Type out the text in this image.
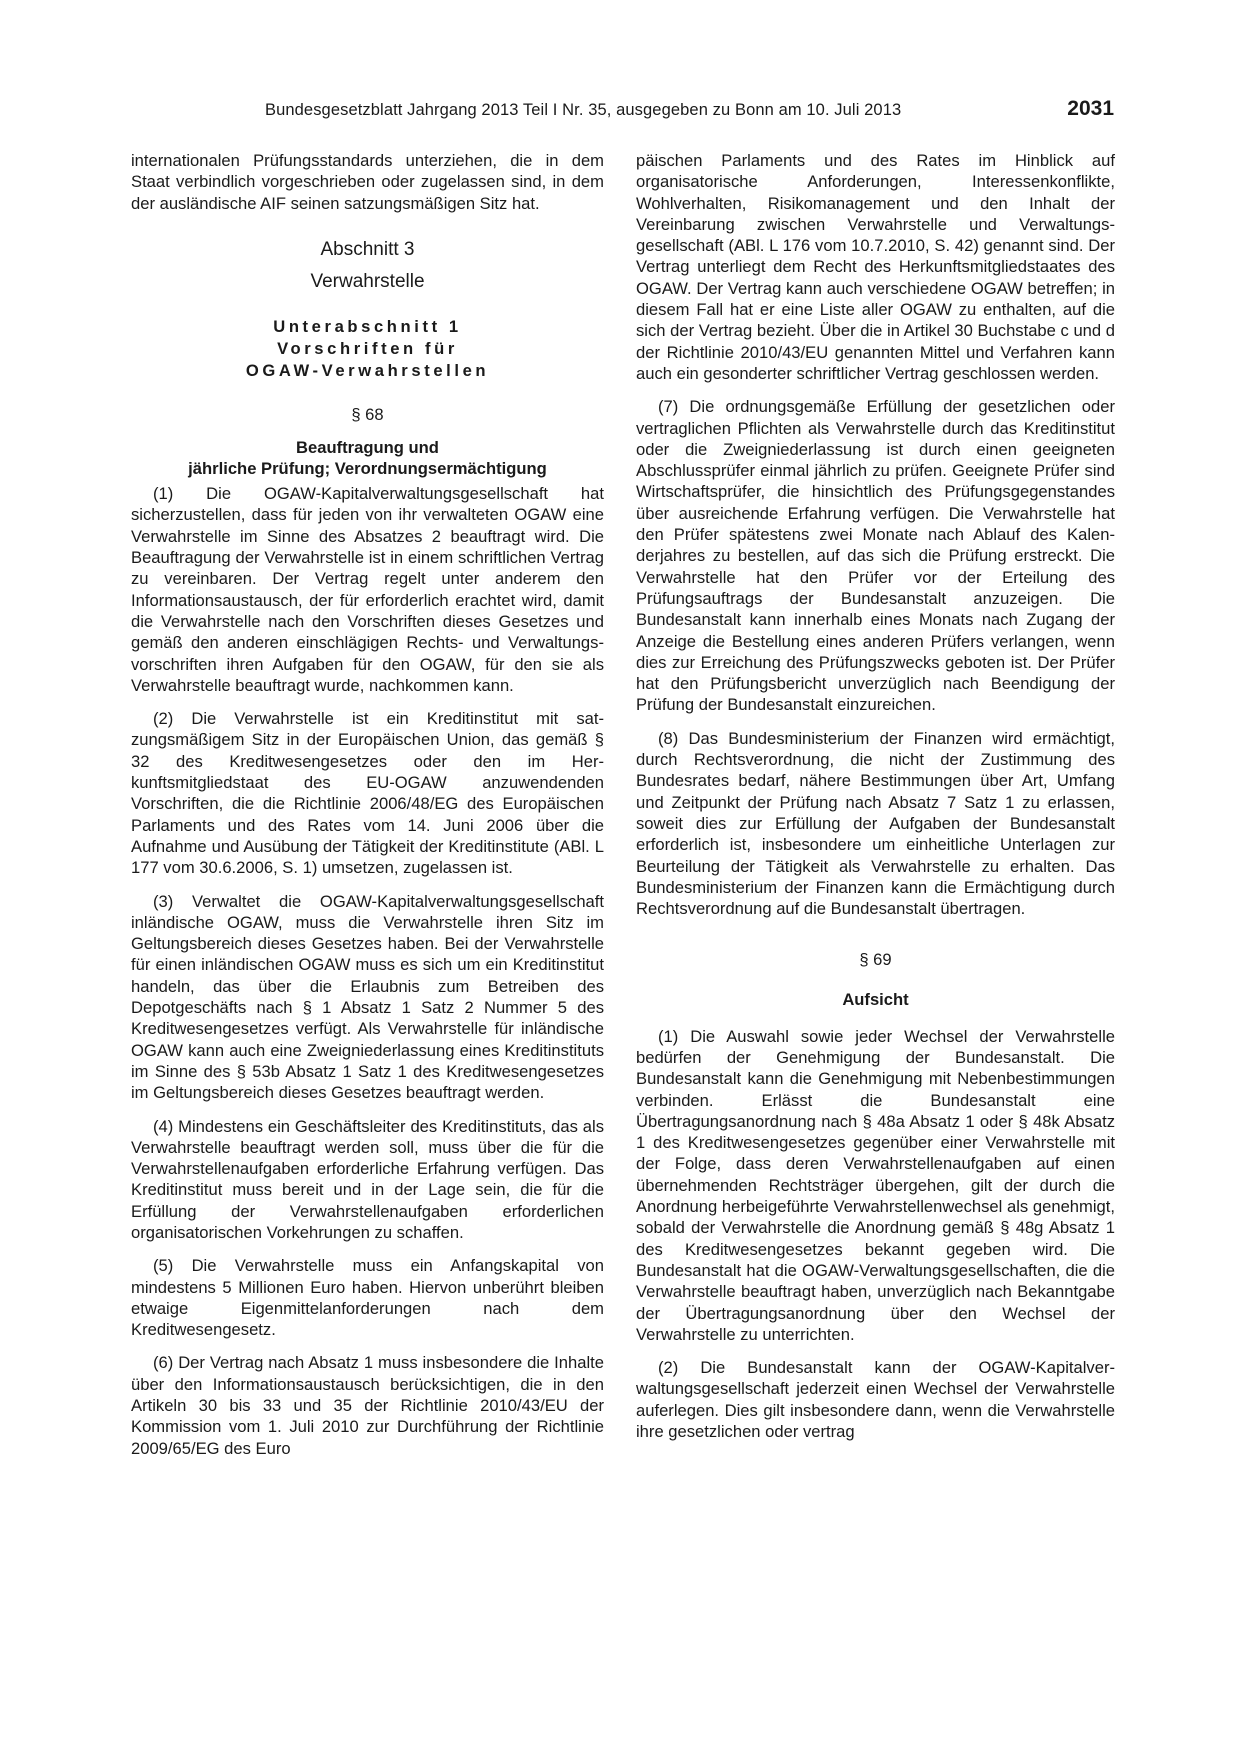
Bundesgesetzblatt Jahrgang 2013 Teil I Nr. 35, ausgegeben zu Bonn am 10. Juli 2013	2031

internationalen Prüfungsstandards unterziehen, die in dem Staat verbindlich vorgeschrieben oder zugelassen sind, in dem der ausländische AIF seinen satzungsmäßigen Sitz hat.

Abschnitt 3
Verwahrstelle
Unterabschnitt 1
Vorschriften für
OGAW-Verwahrstellen
§ 68
Beauftragung und
jährliche Prüfung; Verordnungsermächtigung

(1) Die OGAW-Kapitalverwaltungsgesellschaft hat sicherzustellen, dass für jeden von ihr verwalteten OGAW eine Verwahrstelle im Sinne des Absatzes 2 beauftragt wird. Die Beauftragung der Verwahrstelle ist in einem schriftlichen Vertrag zu vereinbaren. Der Vertrag regelt unter anderem den Informationsaustausch, der für erforderlich erachtet wird, damit die Verwahrstelle nach den Vorschriften dieses Gesetzes und gemäß den anderen einschlägigen Rechts- und Verwaltungsvorschriften ihren Aufgaben für den OGAW, für den sie als Verwahrstelle beauftragt wurde, nachkommen kann.

(2) Die Verwahrstelle ist ein Kreditinstitut mit satzungsmäßigem Sitz in der Europäischen Union, das gemäß § 32 des Kreditwesengesetzes oder den im Herkunftsmitgliedstaat des EU-OGAW anzuwendenden Vorschriften, die die Richtlinie 2006/48/EG des Europäischen Parlaments und des Rates vom 14. Juni 2006 über die Aufnahme und Ausübung der Tätigkeit der Kreditinstitute (ABl. L 177 vom 30.6.2006, S. 1) umsetzen, zugelassen ist.

(3) Verwaltet die OGAW-Kapitalverwaltungsgesellschaft inländische OGAW, muss die Verwahrstelle ihren Sitz im Geltungsbereich dieses Gesetzes haben. Bei der Verwahrstelle für einen inländischen OGAW muss es sich um ein Kreditinstitut handeln, das über die Erlaubnis zum Betreiben des Depotgeschäfts nach § 1 Absatz 1 Satz 2 Nummer 5 des Kreditwesengesetzes verfügt. Als Verwahrstelle für inländische OGAW kann auch eine Zweigniederlassung eines Kreditinstituts im Sinne des § 53b Absatz 1 Satz 1 des Kreditwesengesetzes im Geltungsbereich dieses Gesetzes beauftragt werden.

(4) Mindestens ein Geschäftsleiter des Kreditinstituts, das als Verwahrstelle beauftragt werden soll, muss über die für die Verwahrstellenaufgaben erforderliche Erfahrung verfügen. Das Kreditinstitut muss bereit und in der Lage sein, die für die Erfüllung der Verwahrstellenaufgaben erforderlichen organisatorischen Vorkehrungen zu schaffen.

(5) Die Verwahrstelle muss ein Anfangskapital von mindestens 5 Millionen Euro haben. Hiervon unberührt bleiben etwaige Eigenmittelanforderungen nach dem Kreditwesengesetz.

(6) Der Vertrag nach Absatz 1 muss insbesondere die Inhalte über den Informationsaustausch berücksichtigen, die in den Artikeln 30 bis 33 und 35 der Richtlinie 2010/43/EU der Kommission vom 1. Juli 2010 zur Durchführung der Richtlinie 2009/65/EG des Euro

päischen Parlaments und des Rates im Hinblick auf organisatorische Anforderungen, Interessenkonflikte, Wohlverhalten, Risikomanagement und den Inhalt der Vereinbarung zwischen Verwahrstelle und Verwaltungsgesellschaft (ABl. L 176 vom 10.7.2010, S. 42) genannt sind. Der Vertrag unterliegt dem Recht des Herkunftsmitgliedstaates des OGAW. Der Vertrag kann auch verschiedene OGAW betreffen; in diesem Fall hat er eine Liste aller OGAW zu enthalten, auf die sich der Vertrag bezieht. Über die in Artikel 30 Buchstabe c und d der Richtlinie 2010/43/EU genannten Mittel und Verfahren kann auch ein gesonderter schriftlicher Vertrag geschlossen werden.

(7) Die ordnungsgemäße Erfüllung der gesetzlichen oder vertraglichen Pflichten als Verwahrstelle durch das Kreditinstitut oder die Zweigniederlassung ist durch einen geeigneten Abschlussprüfer einmal jährlich zu prüfen. Geeignete Prüfer sind Wirtschaftsprüfer, die hinsichtlich des Prüfungsgegenstandes über ausreichende Erfahrung verfügen. Die Verwahrstelle hat den Prüfer spätestens zwei Monate nach Ablauf des Kalenderjahres zu bestellen, auf das sich die Prüfung erstreckt. Die Verwahrstelle hat den Prüfer vor der Erteilung des Prüfungsauftrags der Bundesanstalt anzuzeigen. Die Bundesanstalt kann innerhalb eines Monats nach Zugang der Anzeige die Bestellung eines anderen Prüfers verlangen, wenn dies zur Erreichung des Prüfungszwecks geboten ist. Der Prüfer hat den Prüfungsbericht unverzüglich nach Beendigung der Prüfung der Bundesanstalt einzureichen.

(8) Das Bundesministerium der Finanzen wird ermächtigt, durch Rechtsverordnung, die nicht der Zustimmung des Bundesrates bedarf, nähere Bestimmungen über Art, Umfang und Zeitpunkt der Prüfung nach Absatz 7 Satz 1 zu erlassen, soweit dies zur Erfüllung der Aufgaben der Bundesanstalt erforderlich ist, insbesondere um einheitliche Unterlagen zur Beurteilung der Tätigkeit als Verwahrstelle zu erhalten. Das Bundesministerium der Finanzen kann die Ermächtigung durch Rechtsverordnung auf die Bundesanstalt übertragen.

§ 69
Aufsicht

(1) Die Auswahl sowie jeder Wechsel der Verwahrstelle bedürfen der Genehmigung der Bundesanstalt. Die Bundesanstalt kann die Genehmigung mit Nebenbestimmungen verbinden. Erlässt die Bundesanstalt eine Übertragungsanordnung nach § 48a Absatz 1 oder § 48k Absatz 1 des Kreditwesengesetzes gegenüber einer Verwahrstelle mit der Folge, dass deren Verwahrstellenaufgaben auf einen übernehmenden Rechtsträger übergehen, gilt der durch die Anordnung herbeigeführte Verwahrstellenwechsel als genehmigt, sobald der Verwahrstelle die Anordnung gemäß § 48g Absatz 1 des Kreditwesengesetzes bekannt gegeben wird. Die Bundesanstalt hat die OGAW-Verwaltungsgesellschaften, die die Verwahrstelle beauftragt haben, unverzüglich nach Bekanntgabe der Übertragungsanordnung über den Wechsel der Verwahrstelle zu unterrichten.

(2) Die Bundesanstalt kann der OGAW-Kapitalverwaltungsgesellschaft jederzeit einen Wechsel der Verwahrstelle auferlegen. Dies gilt insbesondere dann, wenn die Verwahrstelle ihre gesetzlichen oder vertrag
